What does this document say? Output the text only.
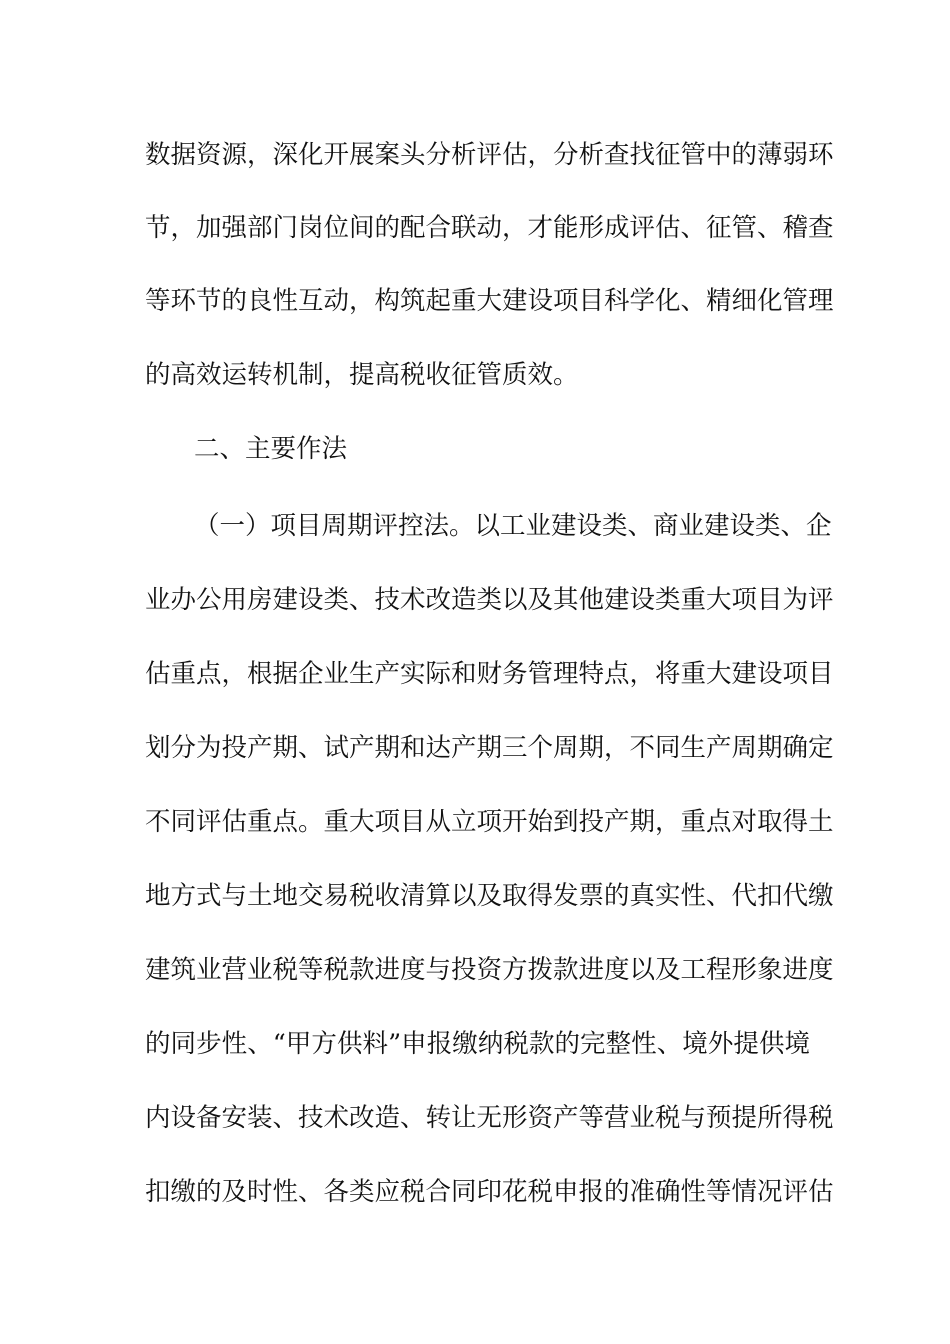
数据资源，深化开展案头分析评估，分析查找征管中的薄弱环
节，加强部门岗位间的配合联动，才能形成评估、征管、稽查
等环节的良性互动，构筑起重大建设项目科学化、精细化管理
的高效运转机制，提高税收征管质效。
二、主要作法
（一）项目周期评控法。以工业建设类、商业建设类、企
业办公用房建设类、技术改造类以及其他建设类重大项目为评
估重点，根据企业生产实际和财务管理特点，将重大建设项目
划分为投产期、试产期和达产期三个周期，不同生产周期确定
不同评估重点。重大项目从立项开始到投产期，重点对取得土
地方式与土地交易税收清算以及取得发票的真实性、代扣代缴
建筑业营业税等税款进度与投资方拨款进度以及工程形象进度
的同步性、“甲方供料”申报缴纳税款的完整性、境外提供境
内设备安装、技术改造、转让无形资产等营业税与预提所得税
扣缴的及时性、各类应税合同印花税申报的准确性等情况评估
